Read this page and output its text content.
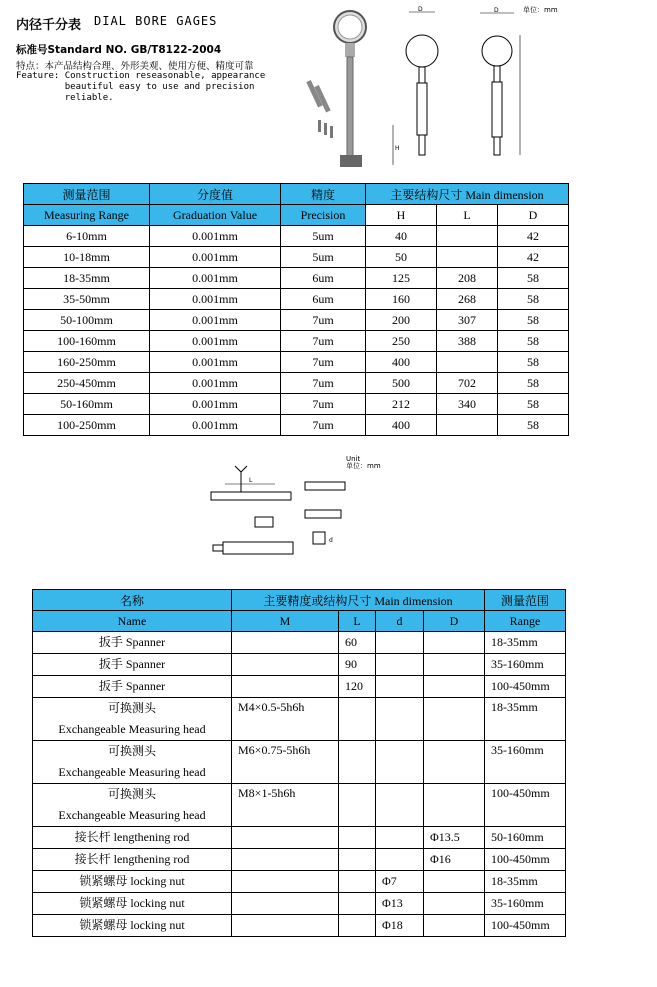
内径千分表 DIAL BORE GAGES
标准号Standard NO. GB/T8122-2004
特点：本产品结构合理、外形美观、使用方便、精度可靠
Feature: Construction reseasonable, appearance
beautiful easy to use and precision
reliable.
单位：mm
D
H
D
测量范围	分度值	精度	主要结构尺寸 Main dimension		
Measuring Range	Graduation Value	Precision	H	L	D
6-10mm	0.001mm	5um	40		42
10-18mm	0.001mm	5um	50		42
18-35mm	0.001mm	6um	125	208	58
35-50mm	0.001mm	6um	160	268	58
50-100mm	0.001mm	7um	200	307	58
100-160mm	0.001mm	7um	250	388	58
160-250mm	0.001mm	7um	400		58
250-450mm	0.001mm	7um	500	702	58
50-160mm	0.001mm	7um	212	340	58
100-250mm	0.001mm	7um	400		58
Unit
单位：mm
L
d
名称	主要精度或结构尺寸 Main dimension				测量范围
Name	M	L	d	D	Range

扳手 Spanner		60			18-35mm

扳手 Spanner		90			35-160mm

扳手 Spanner		120			100-450mm

可换测头
Exchangeable Measuring head	M4×0.5-5h6h				18-35mm

可换测头
Exchangeable Measuring head	M6×0.75-5h6h				35-160mm

可换测头
Exchangeable Measuring head	M8×1-5h6h				100-450mm

接长杆 lengthening rod				Φ13.5	50-160mm

接长杆 lengthening rod				Φ16	100-450mm

锁紧螺母 locking nut			Φ7		18-35mm

锁紧螺母 locking nut			Φ13		35-160mm

锁紧螺母 locking nut			Φ18		100-450mm
